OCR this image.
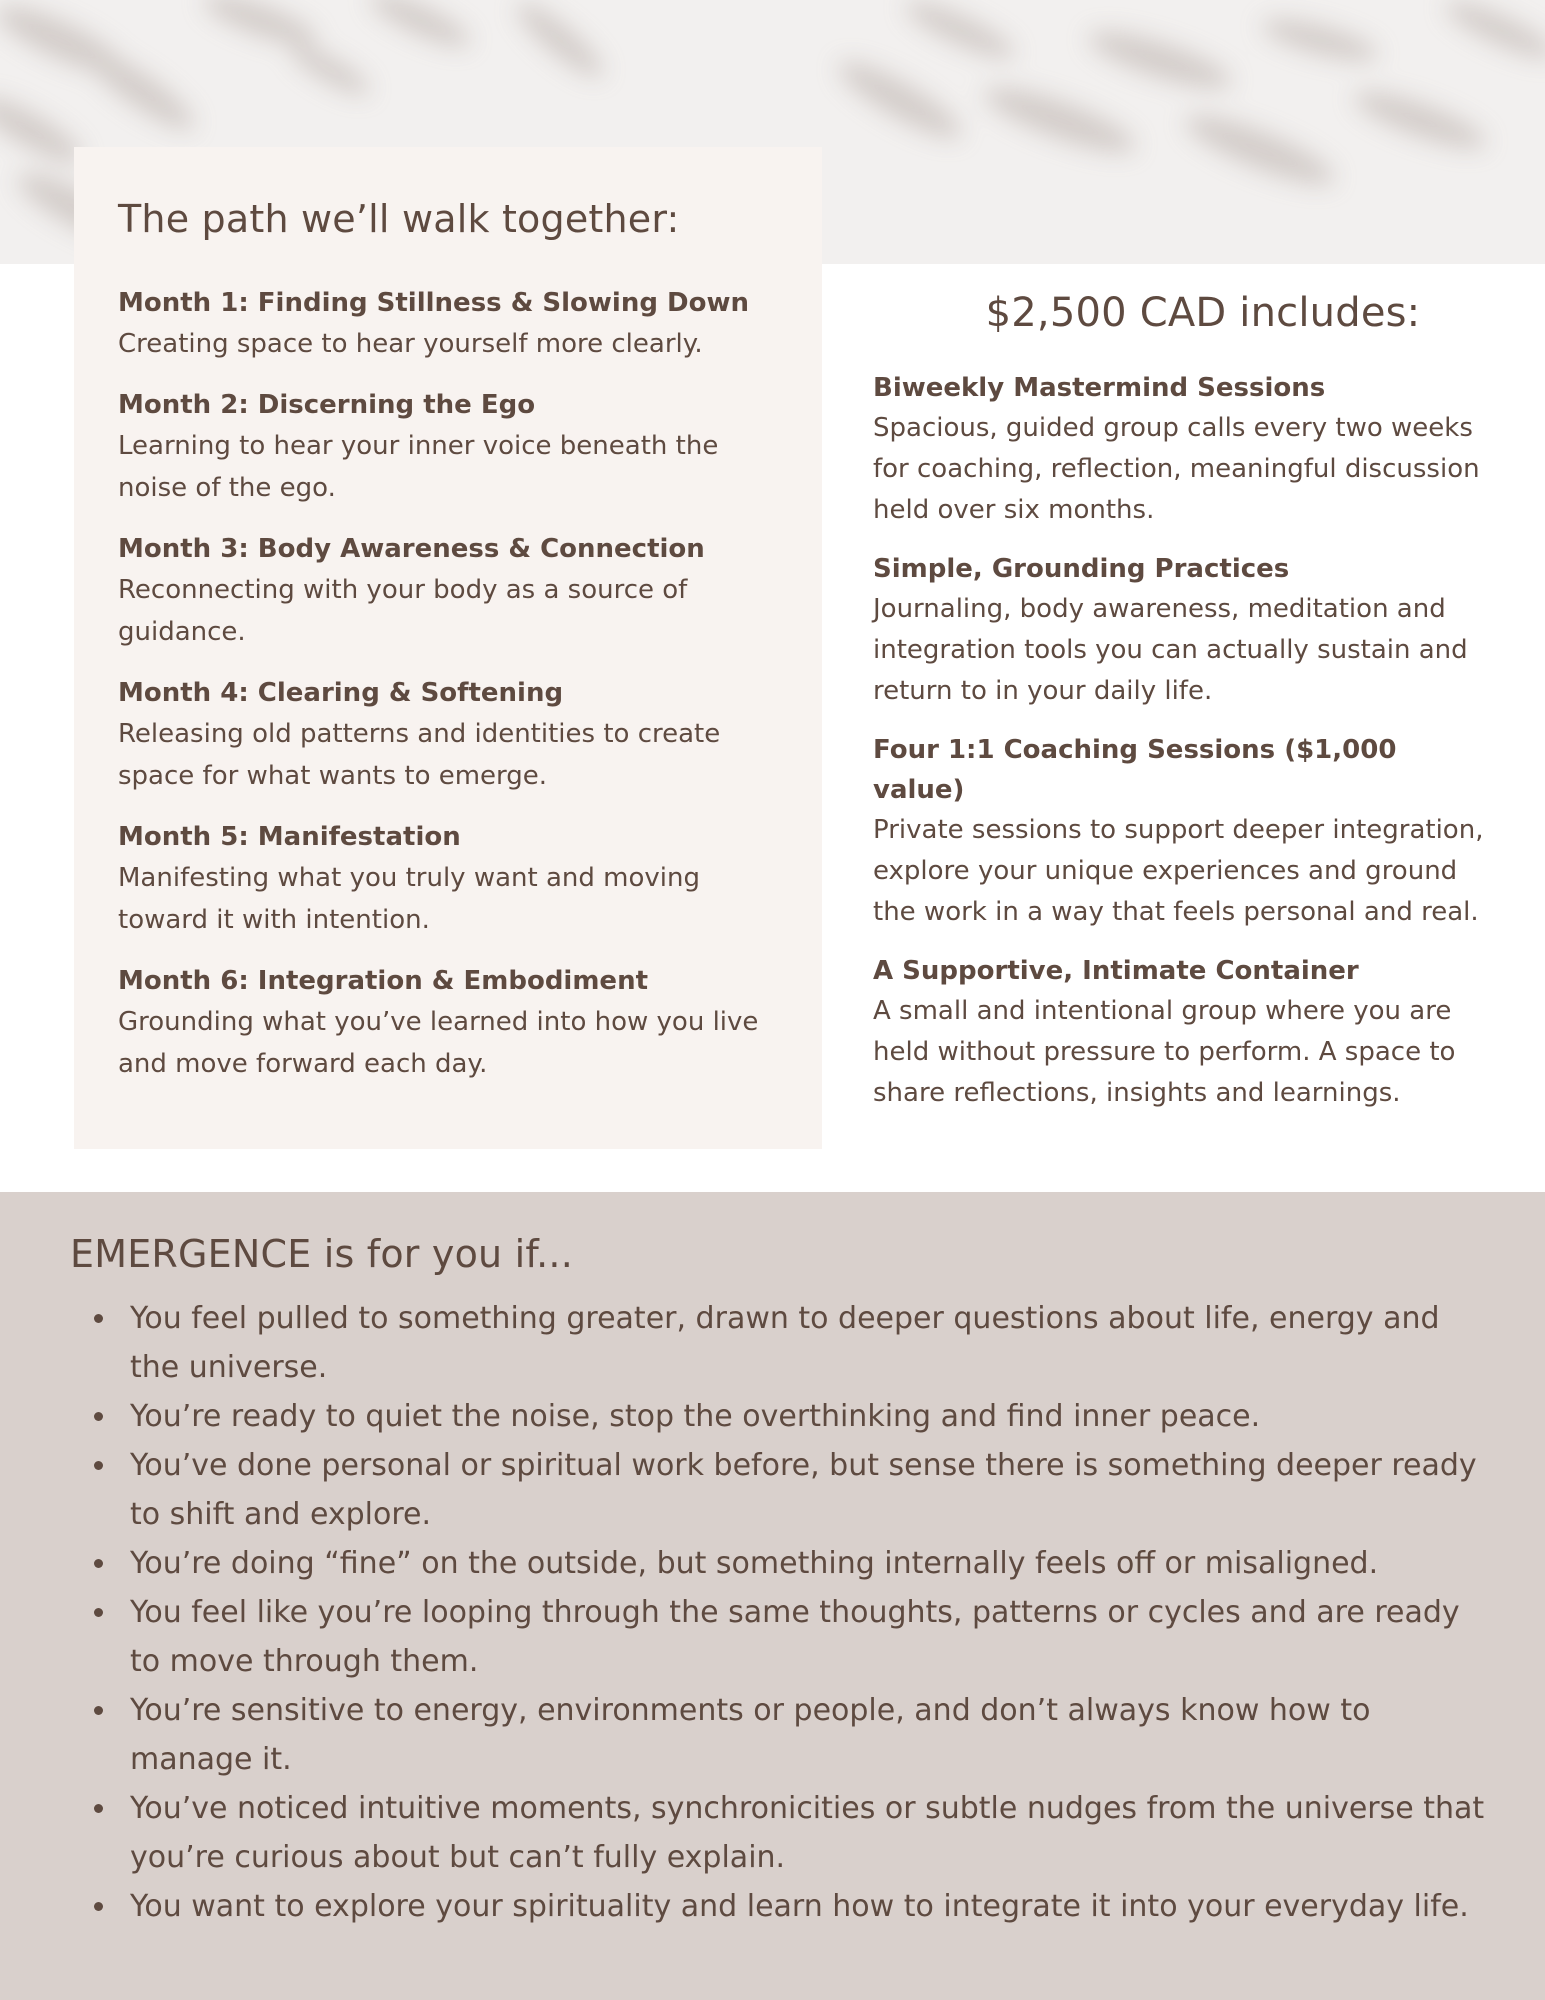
The path we’ll walk together:
Month 1: Finding Stillness & Slowing Down
Creating space to hear yourself more clearly.
Month 2: Discerning the Ego
Learning to hear your inner voice beneath the noise of the ego.
Month 3: Body Awareness & Connection
Reconnecting with your body as a source of guidance.
Month 4: Clearing & Softening
Releasing old patterns and identities to create space for what wants to emerge.
Month 5: Manifestation
Manifesting what you truly want and moving toward it with intention.
Month 6: Integration & Embodiment
Grounding what you’ve learned into how you live and move forward each day.
$2,500 CAD includes:
Biweekly Mastermind Sessions
Spacious, guided group calls every two weeks for coaching, reflection, meaningful discussion held over six months.
Simple, Grounding Practices
Journaling, body awareness, meditation and integration tools you can actually sustain and return to in your daily life.
Four 1:1 Coaching Sessions ($1,000 value)
Private sessions to support deeper integration, explore your unique experiences and ground the work in a way that feels personal and real.
A Supportive, Intimate Container
A small and intentional group where you are held without pressure to perform. A space to share reflections, insights and learnings.
EMERGENCE is for you if...
You feel pulled to something greater, drawn to deeper questions about life, energy and the universe.
You’re ready to quiet the noise, stop the overthinking and find inner peace.
You’ve done personal or spiritual work before, but sense there is something deeper ready to shift and explore.
You’re doing “fine” on the outside, but something internally feels off or misaligned.
You feel like you’re looping through the same thoughts, patterns or cycles and are ready to move through them.
You’re sensitive to energy, environments or people, and don’t always know how to manage it.
You’ve noticed intuitive moments, synchronicities or subtle nudges from the universe that you’re curious about but can’t fully explain.
You want to explore your spirituality and learn how to integrate it into your everyday life.
